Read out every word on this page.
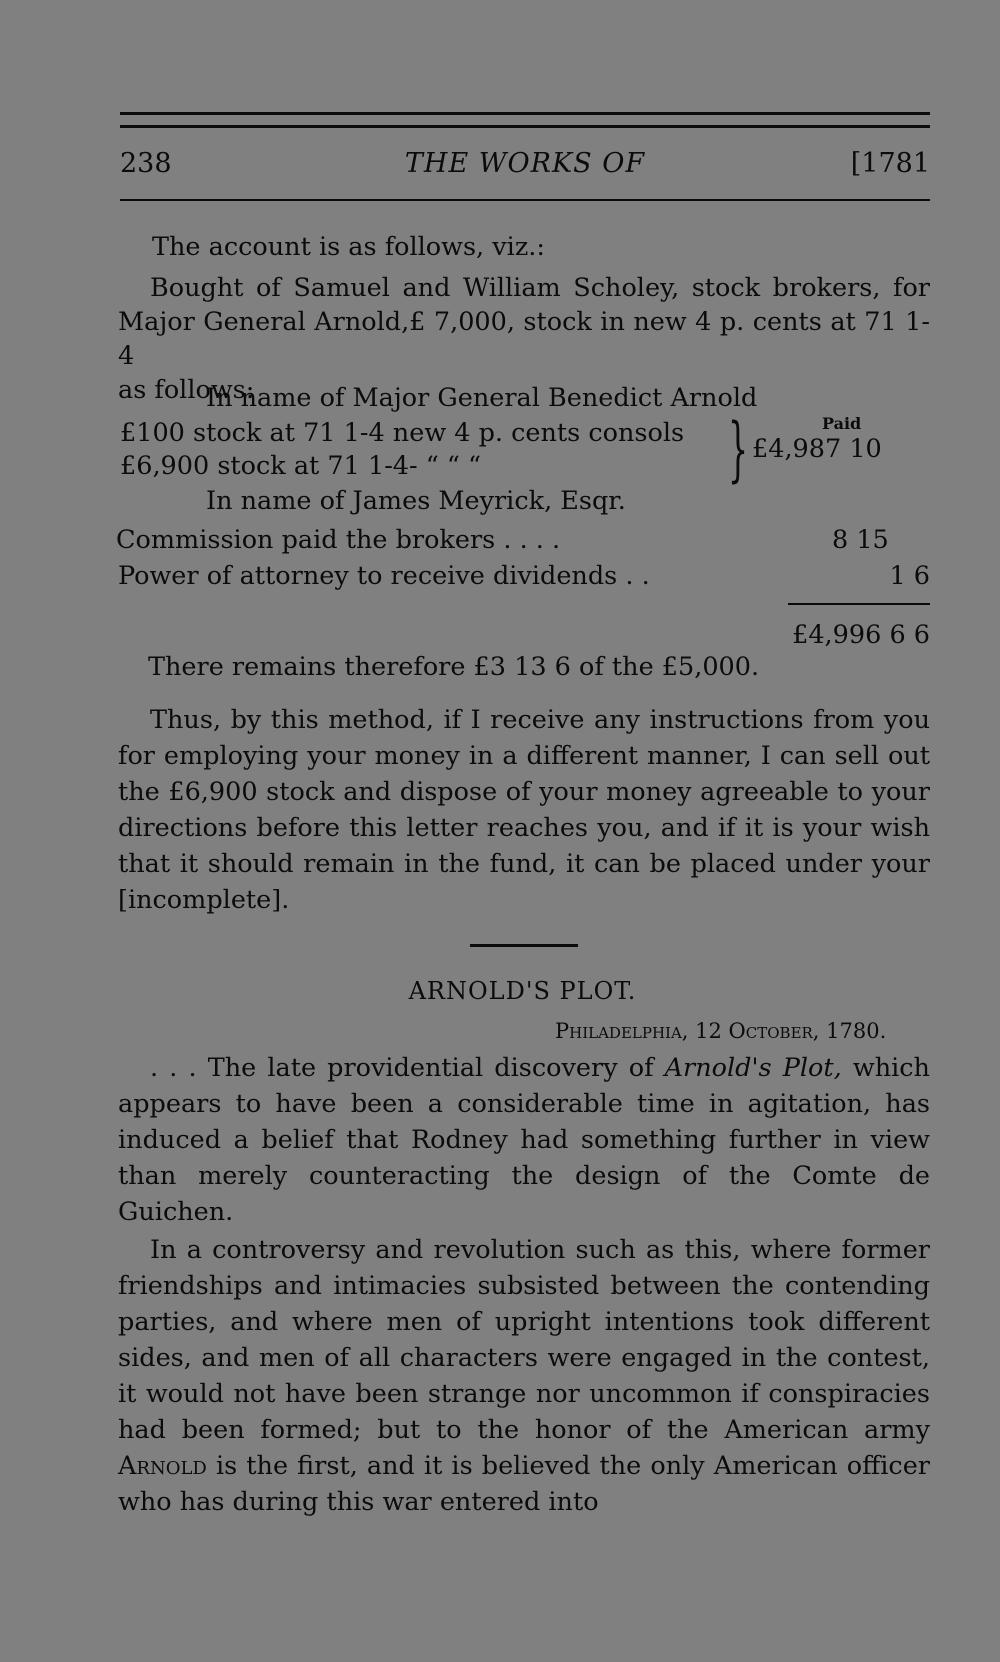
238	THE WORKS OF	[1781
The account is as follows, viz.:
Bought of Samuel and William Scholey, stock brokers, for
Major General Arnold,£ 7,000, stock in new 4 p. cents at 71 1-4
as follows:
In name of Major General Benedict Arnold
£100 stock at 71 1-4 new 4 p. cents consols
£6,900 stock at 71 1-4- “ “ “	}	Paid
£4,987 10
In name of James Meyrick, Esqr.
Commission paid the brokers . . . .	8 15
Power of attorney to receive dividends . .	1 6
£4,996 6 6
There remains therefore £3 13 6 of the £5,000.

Thus, by this method, if I receive any instructions from you for employing your money in a different manner, I can sell out the £6,900 stock and dispose of your money agreeable to your directions before this letter reaches you, and if it is your wish that it should remain in the fund, it can be placed under your [incomplete].

ARNOLD'S PLOT.
Philadelphia, 12 October, 1780.

. . . The late providential discovery of Arnold's Plot, which appears to have been a considerable time in agitation, has induced a belief that Rodney had something further in view than merely counteracting the design of the Comte de Guichen.

In a controversy and revolution such as this, where former friendships and intimacies subsisted between the contending parties, and where men of upright intentions took different sides, and men of all characters were engaged in the contest, it would not have been strange nor uncommon if conspiracies had been formed; but to the honor of the American army Arnold is the first, and it is believed the only American officer who has during this war entered into
